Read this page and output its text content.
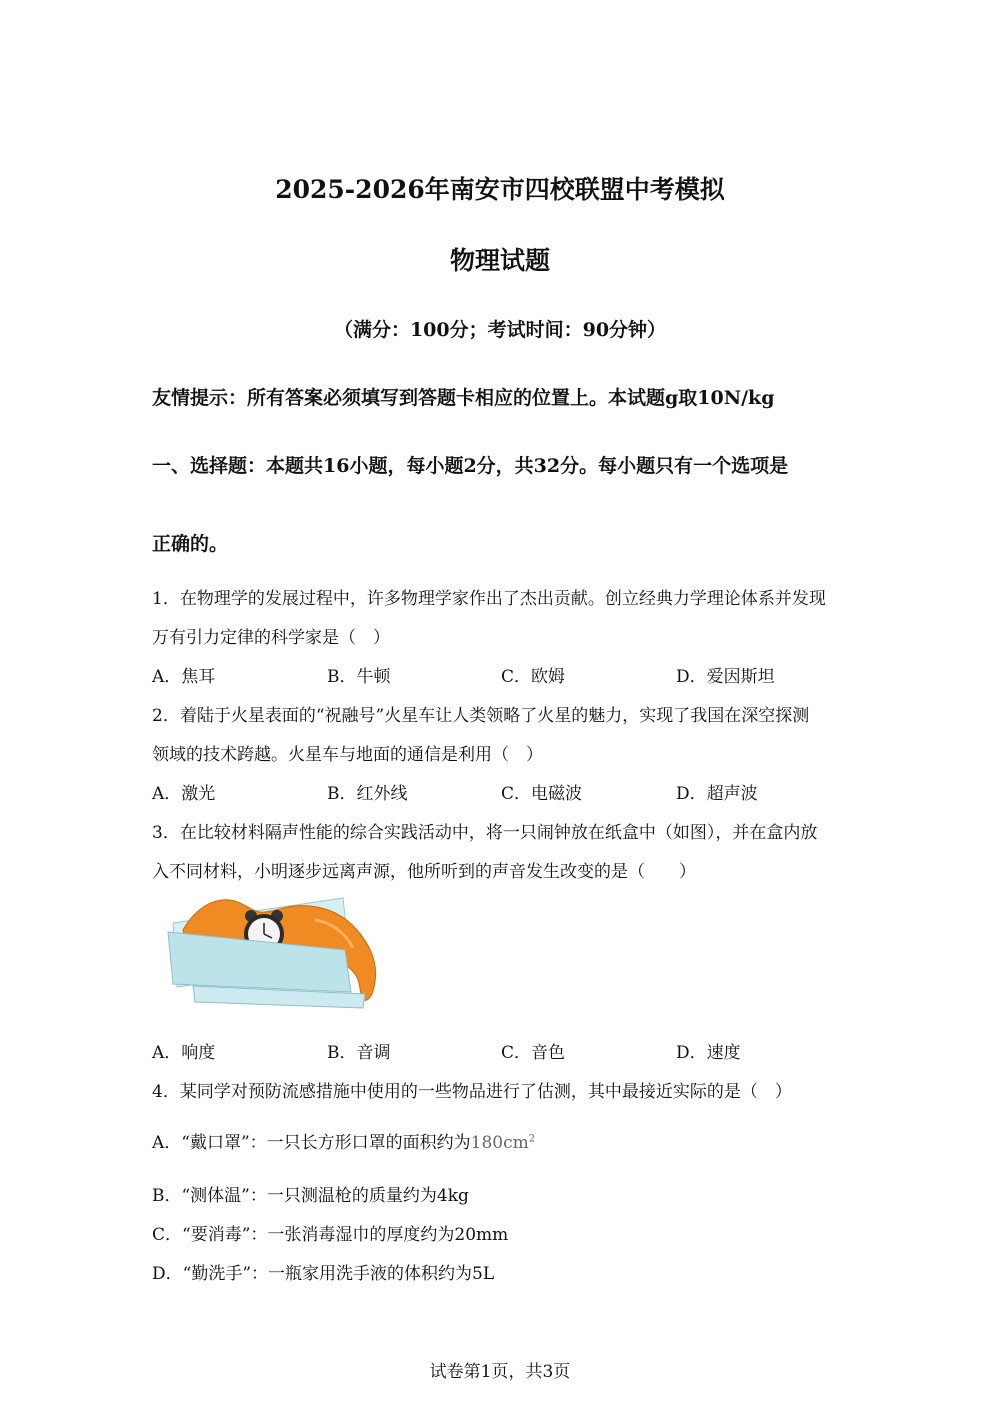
2025-2026年南安市四校联盟中考模拟
物理试题
（满分：100分；考试时间：90分钟）
友情提示：所有答案必须填写到答题卡相应的位置上。本试题g取10N/kg
一、选择题：本题共16小题，每小题2分，共32分。每小题只有一个选项是
正确的。
1．在物理学的发展过程中，许多物理学家作出了杰出贡献。创立经典力学理论体系并发现
万有引力定律的科学家是（　）
A．焦耳	B．牛顿	C．欧姆	D．爱因斯坦
2．着陆于火星表面的“祝融号”火星车让人类领略了火星的魅力，实现了我国在深空探测
领域的技术跨越。火星车与地面的通信是利用（　）
A．激光	B．红外线	C．电磁波	D．超声波
3．在比较材料隔声性能的综合实践活动中，将一只闹钟放在纸盒中（如图），并在盒内放
入不同材料，小明逐步远离声源，他所听到的声音发生改变的是（　　）
A．响度	B．音调	C．音色	D．速度
4．某同学对预防流感措施中使用的一些物品进行了估测，其中最接近实际的是（　）
A．“戴口罩”：一只长方形口罩的面积约为$180cm^2$
B．“测体温”：一只测温枪的质量约为4kg
C．“要消毒”：一张消毒湿巾的厚度约为20mm
D．“勤洗手”：一瓶家用洗手液的体积约为5L
试卷第1页，共3页
